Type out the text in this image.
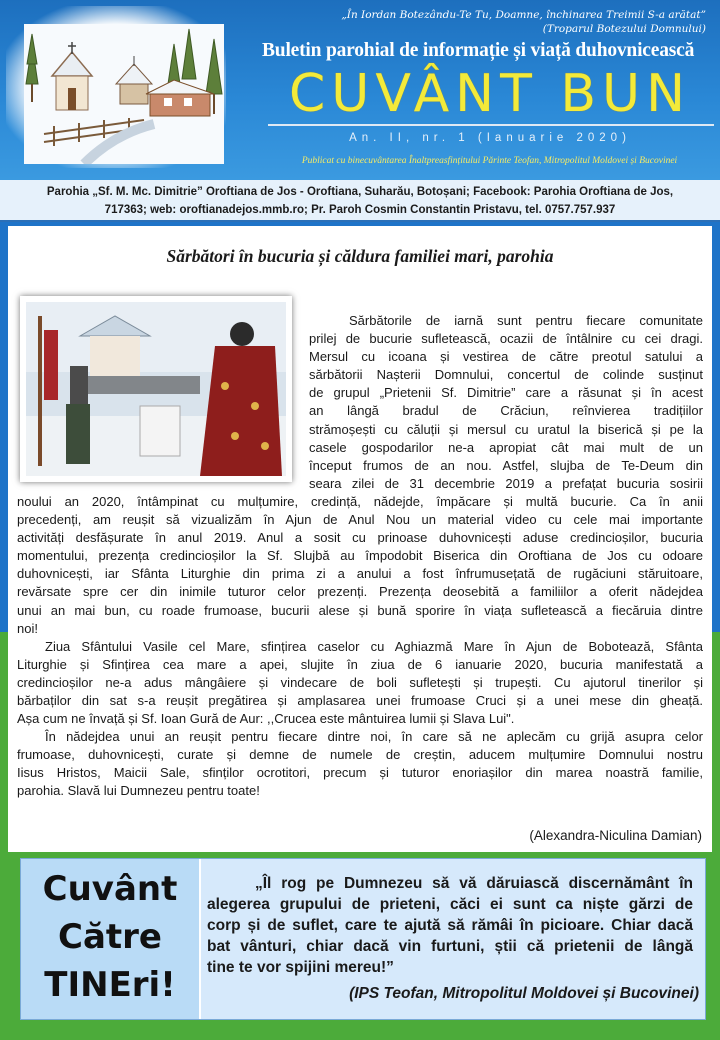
„În Iordan Botezându-Te Tu, Doamne, închinarea Treimii S-a arătat”
(Troparul Botezului Domnului)
Buletin parohial de informație și viață duhovnicească
CUVÂNT BUN
An. II, nr. 1 (Ianuarie 2020)
Publicat cu binecuvântarea Înaltpreasfințitului Părinte Teofan, Mitropolitul Moldovei și Bucovinei
Parohia „Sf. M. Mc. Dimitrie” Oroftiana de Jos - Oroftiana, Suharău, Botoșani; Facebook: Parohia Oroftiana de Jos,
717363; web: oroftianadejos.mmb.ro; Pr. Paroh Cosmin Constantin Pristavu, tel. 0757.757.937
Sărbători în bucuria și căldura familiei mari, parohia
Sărbătorile de iarnă sunt pentru fiecare comunitate
prilej de bucurie sufletească, ocazii de întâlnire cu cei dragi.
Mersul cu icoana și vestirea de către preotul satului a
sărbătorii Nașterii Domnului, concertul de colinde susținut
de grupul „Prietenii Sf. Dimitrie” care a răsunat și în acest
an lângă bradul de Crăciun, reînvierea tradițiilor
strămoșești cu căluții și mersul cu uratul la biserică și pe la
casele gospodarilor ne-a apropiat cât mai mult de un
început frumos de an nou. Astfel, slujba de Te-Deum din
seara zilei de 31 decembrie 2019 a prefațat bucuria sosirii
noului an 2020, întâmpinat cu mulțumire, credință, nădejde, împăcare și multă bucurie. Ca în anii
precedenți, am reușit să vizualizăm în Ajun de Anul Nou un material video cu cele mai importante
activități desfășurate în anul 2019. Anul a sosit cu prinoase duhovnicești aduse credincioșilor, bucuria
momentului, prezența credincioșilor la Sf. Slujbă au împodobit Biserica din Oroftiana de Jos cu odoare
duhovnicești, iar Sfânta Liturghie din prima zi a anului a fost înfrumusețată de rugăciuni stăruitoare,
revărsate spre cer din inimile tuturor celor prezenți. Prezența deosebită a familiilor a oferit nădejdea
unui an mai bun, cu roade frumoase, bucurii alese și bună sporire în viața sufletească a fiecăruia dintre
noi!
Ziua Sfântului Vasile cel Mare, sfințirea caselor cu Aghiazmă Mare în Ajun de Bobotează, Sfânta
Liturghie și Sfințirea cea mare a apei, slujite în ziua de 6 ianuarie 2020, bucuria manifestată a
credincioșilor ne-a adus mângâiere și vindecare de boli sufletești și trupești. Cu ajutorul tinerilor și
bărbaților din sat s-a reușit pregătirea și amplasarea unei frumoase Cruci și a unei mese din gheață.
Așa cum ne învață și Sf. Ioan Gură de Aur: ,,Crucea este mântuirea lumii și Slava Lui".
În nădejdea unui an reușit pentru fiecare dintre noi, în care să ne aplecăm cu grijă asupra celor
frumoase, duhovnicești, curate și demne de numele de creștin, aducem mulțumire Domnului nostru
Iisus Hristos, Maicii Sale, sfinților ocrotitori, precum și tuturor enoriașilor din marea noastră familie,
parohia. Slavă lui Dumnezeu pentru toate!
(Alexandra-Niculina Damian)
Cuvânt
Către
TINEri!
„Îl rog pe Dumnezeu să vă dăruiască discernământ în
alegerea grupului de prieteni, căci ei sunt ca niște gărzi de
corp și de suflet, care te ajută să rămâi în picioare. Chiar dacă
bat vânturi, chiar dacă vin furtuni, știi că prietenii de lângă
tine te vor spijini mereu!”
(IPS Teofan, Mitropolitul Moldovei și Bucovinei)
